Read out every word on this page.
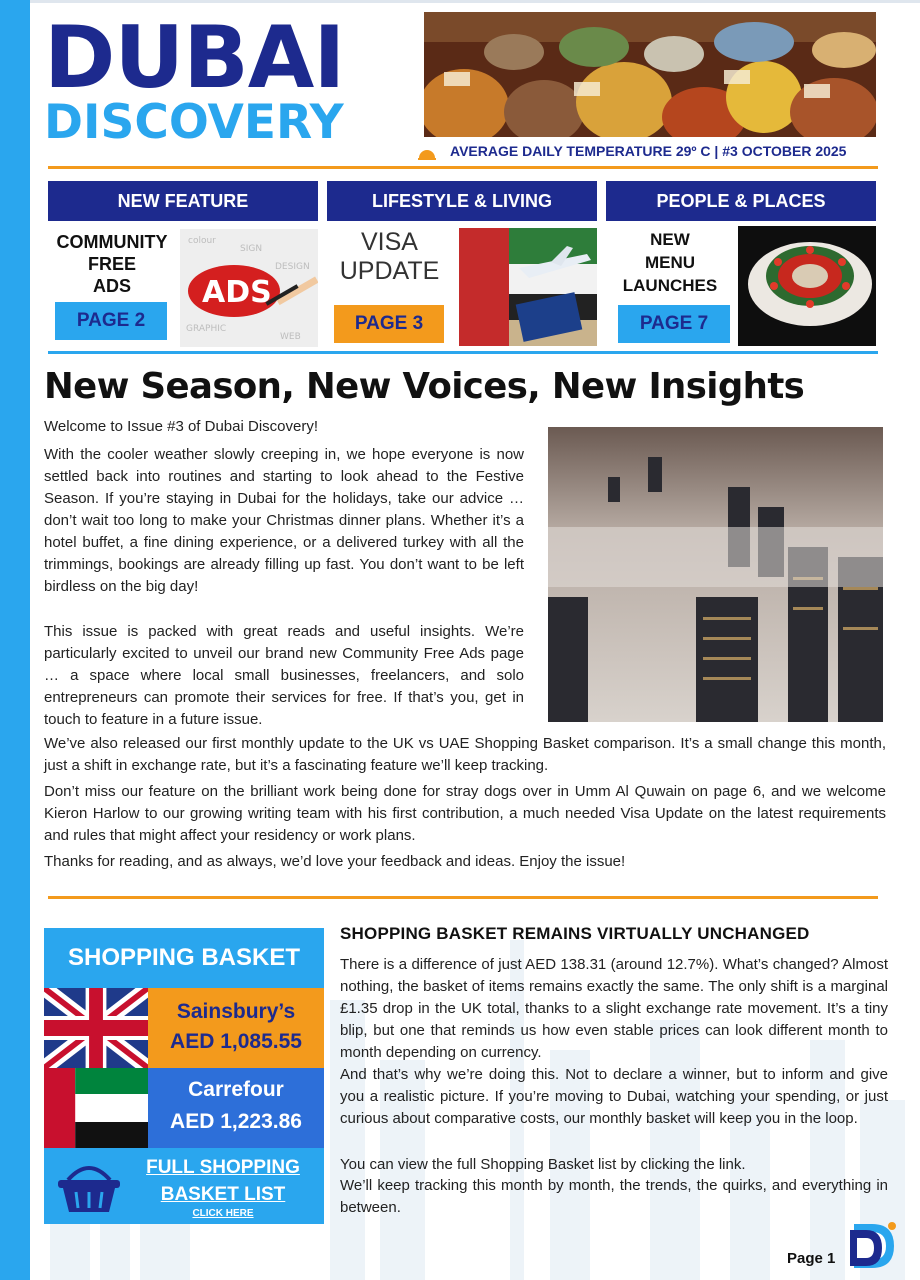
DUBAI
DISCOVERY
AVERAGE DAILY TEMPERATURE 29º C | #3 OCTOBER 2025
NEW FEATURE	LIFESTYLE & LIVING	PEOPLE & PLACES
COMMUNITY
FREE
ADS
PAGE 2
colour
SIGN
DESIGN
GRAPHIC
WEB
ADS
VISA
UPDATE
PAGE 3
NEW
MENU
LAUNCHES
PAGE 7
New Season, New Voices, New Insights
Welcome to Issue #3 of Dubai Discovery!
With the cooler weather slowly creeping in, we hope everyone is now settled back into routines and starting to look ahead to the Festive Season. If you’re staying in Dubai for the holidays, take our advice … don’t wait too long to make your Christmas dinner plans. Whether it’s a hotel buffet, a fine dining experience, or a delivered turkey with all the trimmings, bookings are already filling up fast. You don’t want to be left birdless on the big day!
This issue is packed with great reads and useful insights. We’re particularly excited to unveil our brand new Community Free Ads page … a space where local small businesses, freelancers, and solo entrepreneurs can promote their services for free. If that’s you, get in touch to feature in a future issue.
We’ve also released our first monthly update to the UK vs UAE Shopping Basket comparison. It’s a small change this month, just a shift in exchange rate, but it’s a fascinating feature we’ll keep tracking.
Don’t miss our feature on the brilliant work being done for stray dogs over in Umm Al Quwain on page 6, and we welcome Kieron Harlow to our growing writing team with his first contribution, a much needed Visa Update on the latest requirements and rules that might affect your residency or work plans.
Thanks for reading, and as always, we’d love your feedback and ideas. Enjoy the issue!
SHOPPING BASKET
Sainsbury’s
AED 1,085.55
Carrefour
AED 1,223.86
FULL SHOPPING
BASKET LIST
CLICK HERE
SHOPPING BASKET REMAINS VIRTUALLY UNCHANGED
There is a difference of just AED 138.31 (around 12.7%). What’s changed? Almost nothing, the basket of items remains exactly the same. The only shift is a marginal £1.35 drop in the UK total, thanks to a slight exchange rate movement. It’s a tiny blip, but one that reminds us how even stable prices can look different month to month depending on currency.
And that’s why we’re doing this. Not to declare a winner, but to inform and give you a realistic picture. If you’re moving to Dubai, watching your spending, or just curious about comparative costs, our monthly basket will keep you in the loop.
You can view the full Shopping Basket list by clicking the link.
We’ll keep tracking this month by month, the trends, the quirks, and everything in between.
Page 1
